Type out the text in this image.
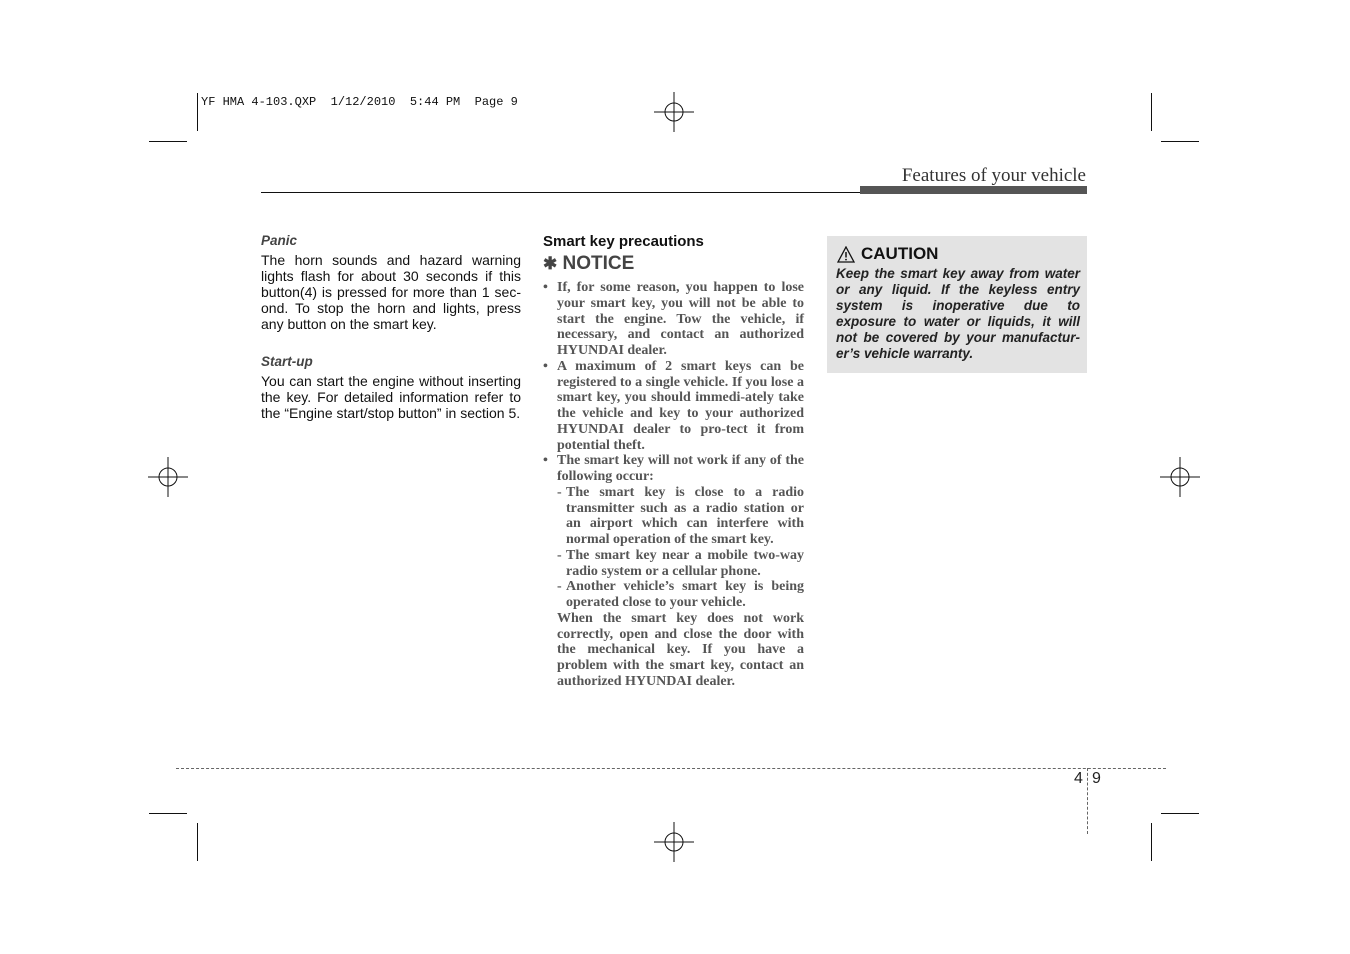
YF HMA 4-103.QXP  1/12/2010  5:44 PM  Page 9
Features of your vehicle

Panic

The horn sounds and hazard warning lights flash for about 30 seconds if this button(4) is pressed for more than 1 sec-ond. To stop the horn and lights, press any button on the smart key.

Start-up

You can start the engine without inserting the key. For detailed information refer to the “Engine start/stop button” in section 5.

Smart key precautions
✱ NOTICE
• If, for some reason, you happen to lose your smart key, you will not be able to start the engine. Tow the vehicle, if necessary, and contact an authorized HYUNDAI dealer.
• A maximum of 2 smart keys can be registered to a single vehicle. If you lose a smart key, you should immedi-ately take the vehicle and key to your authorized HYUNDAI dealer to pro-tect it from potential theft.
• The smart key will not work if any of the following occur:
- The smart key is close to a radio transmitter such as a radio station or an airport which can interfere with normal operation of the smart key.
- The smart key near a mobile two-way radio system or a cellular phone.
- Another vehicle’s smart key is being operated close to your vehicle.
When the smart key does not work correctly, open and close the door with the mechanical key. If you have a problem with the smart key, contact an authorized HYUNDAI dealer.
CAUTION
Keep the smart key away from water or any liquid. If the keyless entry system is inoperative due to exposure to water or liquids, it will not be covered by your manufactur-er’s vehicle warranty.
4 9
